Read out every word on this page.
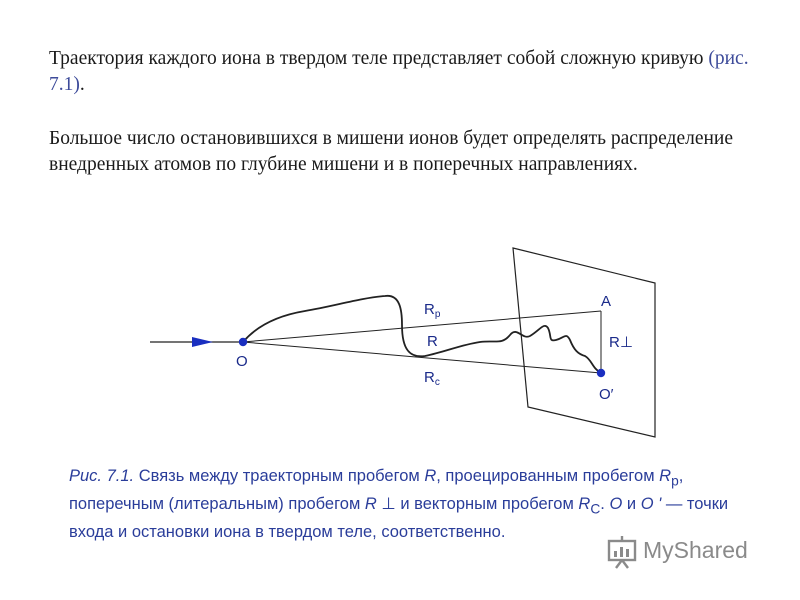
Траектория каждого иона в твердом теле представляет собой сложную кривую (рис. 7.1).

Большое число остановившихся в мишени ионов будет определять распределение внедренных атомов по глубине мишени и в поперечных направлениях.

O
O′
A
R
$R_p$
$R_c$
R⊥

Рис. 7.1. Связь между траекторным пробегом R, проецированным пробегом $R_p$, поперечным (литеральным) пробегом R ⊥ и векторным пробегом $R_C$. O и O ' — точки входа и остановки иона в твердом теле, соответственно.

MyShared
